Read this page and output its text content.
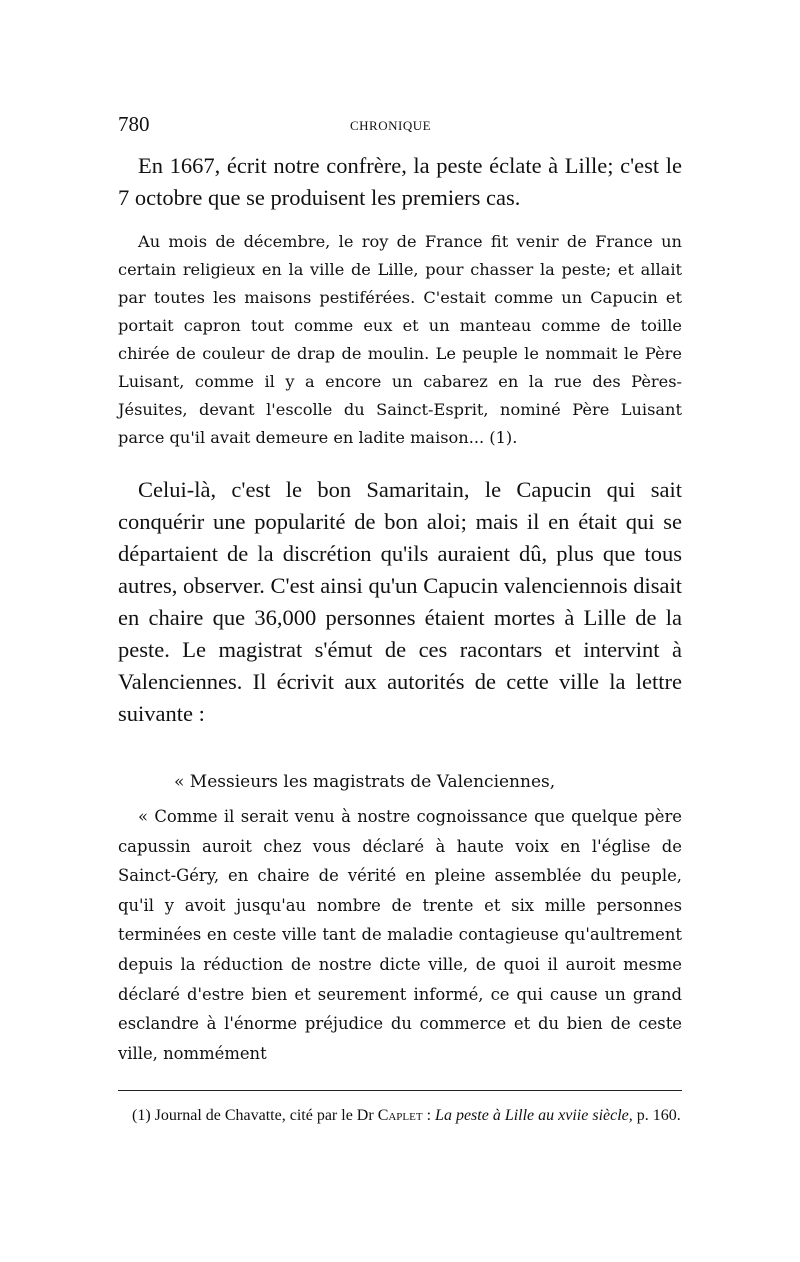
780	CHRONIQUE

En 1667, écrit notre confrère, la peste éclate à Lille; c'est le 7 octobre que se produisent les premiers cas.

Au mois de décembre, le roy de France fit venir de France un certain religieux en la ville de Lille, pour chasser la peste; et allait par toutes les maisons pestiférées. C'estait comme un Capucin et portait capron tout comme eux et un manteau comme de toille chirée de couleur de drap de moulin. Le peuple le nommait le Père Luisant, comme il y a encore un cabarez en la rue des Pères-Jésuites, devant l'escolle du Sainct-Esprit, nominé Père Luisant parce qu'il avait demeure en ladite maison... (1).

Celui-là, c'est le bon Samaritain, le Capucin qui sait conquérir une popularité de bon aloi; mais il en était qui se départaient de la discrétion qu'ils auraient dû, plus que tous autres, observer. C'est ainsi qu'un Capucin valenciennois disait en chaire que 36,000 personnes étaient mortes à Lille de la peste. Le magistrat s'émut de ces racontars et intervint à Valenciennes. Il écrivit aux autorités de cette ville la lettre suivante :

« Messieurs les magistrats de Valenciennes,

« Comme il serait venu à nostre cognoissance que quelque père capussin auroit chez vous déclaré à haute voix en l'église de Sainct-Géry, en chaire de vérité en pleine assemblée du peuple, qu'il y avoit jusqu'au nombre de trente et six mille personnes terminées en ceste ville tant de maladie contagieuse qu'aultrement depuis la réduction de nostre dicte ville, de quoi il auroit mesme déclaré d'estre bien et seurement informé, ce qui cause un grand esclandre à l'énorme préjudice du commerce et du bien de ceste ville, nommément

(1) Journal de Chavatte, cité par le Dr Caplet : La peste à Lille au xviie siècle, p. 160.
